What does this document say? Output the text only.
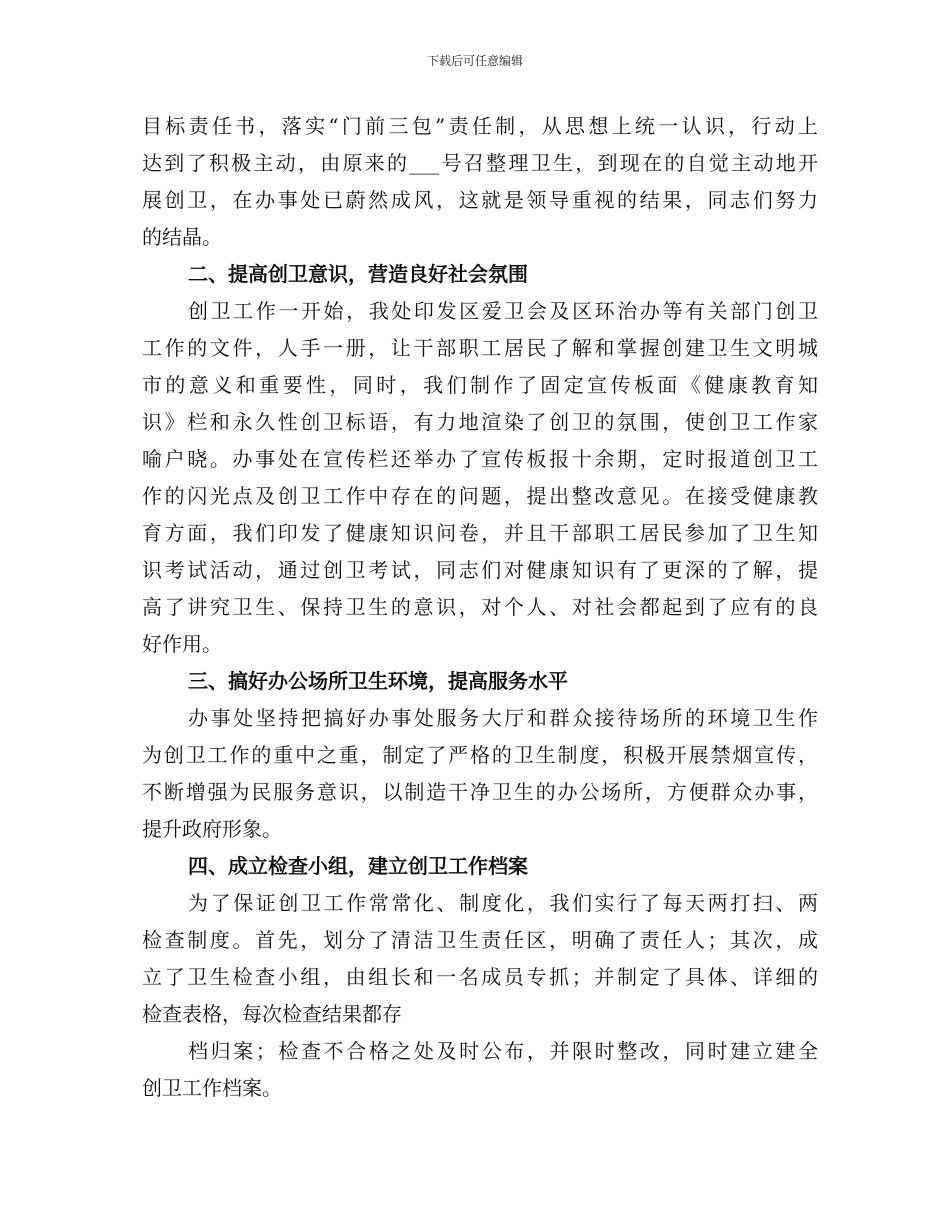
下载后可任意编辑
目标责任书，落实“门前三包”责任制，从思想上统一认识，行动上
达到了积极主动，由原来的___号召整理卫生，到现在的自觉主动地开
展创卫，在办事处已蔚然成风，这就是领导重视的结果，同志们努力
的结晶。
二、提高创卫意识，营造良好社会氛围
创卫工作一开始，我处印发区爱卫会及区环治办等有关部门创卫
工作的文件，人手一册，让干部职工居民了解和掌握创建卫生文明城
市的意义和重要性，同时，我们制作了固定宣传板面《健康教育知
识》栏和永久性创卫标语，有力地渲染了创卫的氛围，使创卫工作家
喻户晓。办事处在宣传栏还举办了宣传板报十余期，定时报道创卫工
作的闪光点及创卫工作中存在的问题，提出整改意见。在接受健康教
育方面，我们印发了健康知识问卷，并且干部职工居民参加了卫生知
识考试活动，通过创卫考试，同志们对健康知识有了更深的了解，提
高了讲究卫生、保持卫生的意识，对个人、对社会都起到了应有的良
好作用。
三、搞好办公场所卫生环境，提高服务水平
办事处坚持把搞好办事处服务大厅和群众接待场所的环境卫生作
为创卫工作的重中之重，制定了严格的卫生制度，积极开展禁烟宣传，
不断增强为民服务意识，以制造干净卫生的办公场所，方便群众办事，
提升政府形象。
四、成立检查小组，建立创卫工作档案
为了保证创卫工作常常化、制度化，我们实行了每天两打扫、两
检查制度。首先，划分了清洁卫生责任区，明确了责任人；其次，成
立了卫生检查小组，由组长和一名成员专抓；并制定了具体、详细的
检查表格，每次检查结果都存
档归案；检查不合格之处及时公布，并限时整改，同时建立建全
创卫工作档案。
